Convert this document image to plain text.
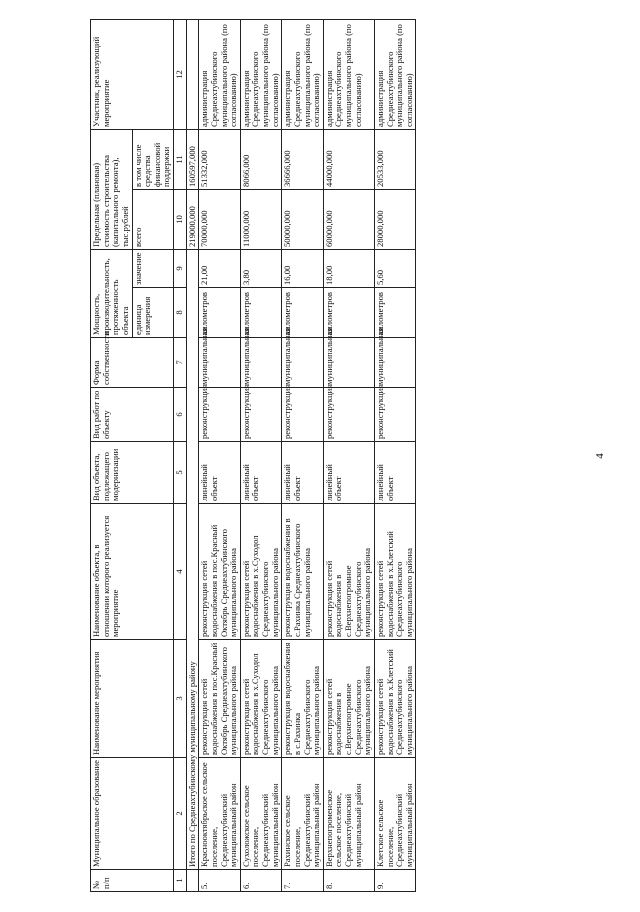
4
№ п/п	Муниципальное образование	Наименование мероприятия	Наименование объекта, в отношении которого реализуется мероприятие	Вид объекта, подлежащего модернизации	Вид работ по объекту	Форма собственности	Мощность, производительность, протяженность объекта		Предельная (плановая) стоимость строительства (капитального ремонта), тыс.рублей		Участник, реализующий мероприятие
							единица измерения	значение	всего	в том числе средства финансовой поддержки	
1	2	3	4	5	6	7	8	9	10	11	12
	Итого по Среднеахтубинскому муниципальному району								219000,000	160597,000	
5.	Краснооктябрьское сельское поселение, Среднеахтубинский муниципальный район	реконструкция сетей водоснабжения в пос.Красный Октябрь Среднеахтубинского муниципального района	реконструкция сетей водоснабжения в пос.Красный Октябрь Среднеахтубинского муниципального района	линейный объект	реконструкция	муниципальная	километров	21,00	70000,000	51332,000	администрация Среднеахтубинского муниципального района (по согласованию)
6.	Сухоложское сельское поселение, Среднеахтубинский муниципальный район	реконструкция сетей водоснабжения в х.Суходол Среднеахтубинского муниципального района	реконструкция сетей водоснабжения в х.Суходол Среднеахтубинского муниципального района	линейный объект	реконструкция	муниципальная	километров	3,80	11000,000	8066,000	администрация Среднеахтубинского муниципального района (по согласованию)
7.	Рахинское сельское поселение, Среднеахтубинский муниципальный район	реконструкция водоснабжения в с.Рахинка Среднеахтубинского муниципального района	реконструкция водоснабжения в с.Рахинка Среднеахтубинского муниципального района	линейный объект	реконструкция	муниципальная	километров	16,00	50000,000	36666,000	администрация Среднеахтубинского муниципального района (по согласованию)
8.	Верхнепогроменское сельское поселение, Среднеахтубинский муниципальный район	реконструкция сетей водоснабжения в с.Верхнепогромное Среднеахтубинского муниципального района	реконструкция сетей водоснабжения в с.Верхнепогромное Среднеахтубинского муниципального района	линейный объект	реконструкция	муниципальная	километров	18,00	60000,000	44000,000	администрация Среднеахтубинского муниципального района (по согласованию)
9.	Клетское сельское поселение, Среднеахтубинский муниципальный район	реконструкция сетей водоснабжения в х.Клетский Среднеахтубинского муниципального района	реконструкция сетей водоснабжения в х.Клетский Среднеахтубинского муниципального района	линейный объект	реконструкция	муниципальная	километров	5,60	28000,000	20533,000	администрация Среднеахтубинского муниципального района (по согласованию)
